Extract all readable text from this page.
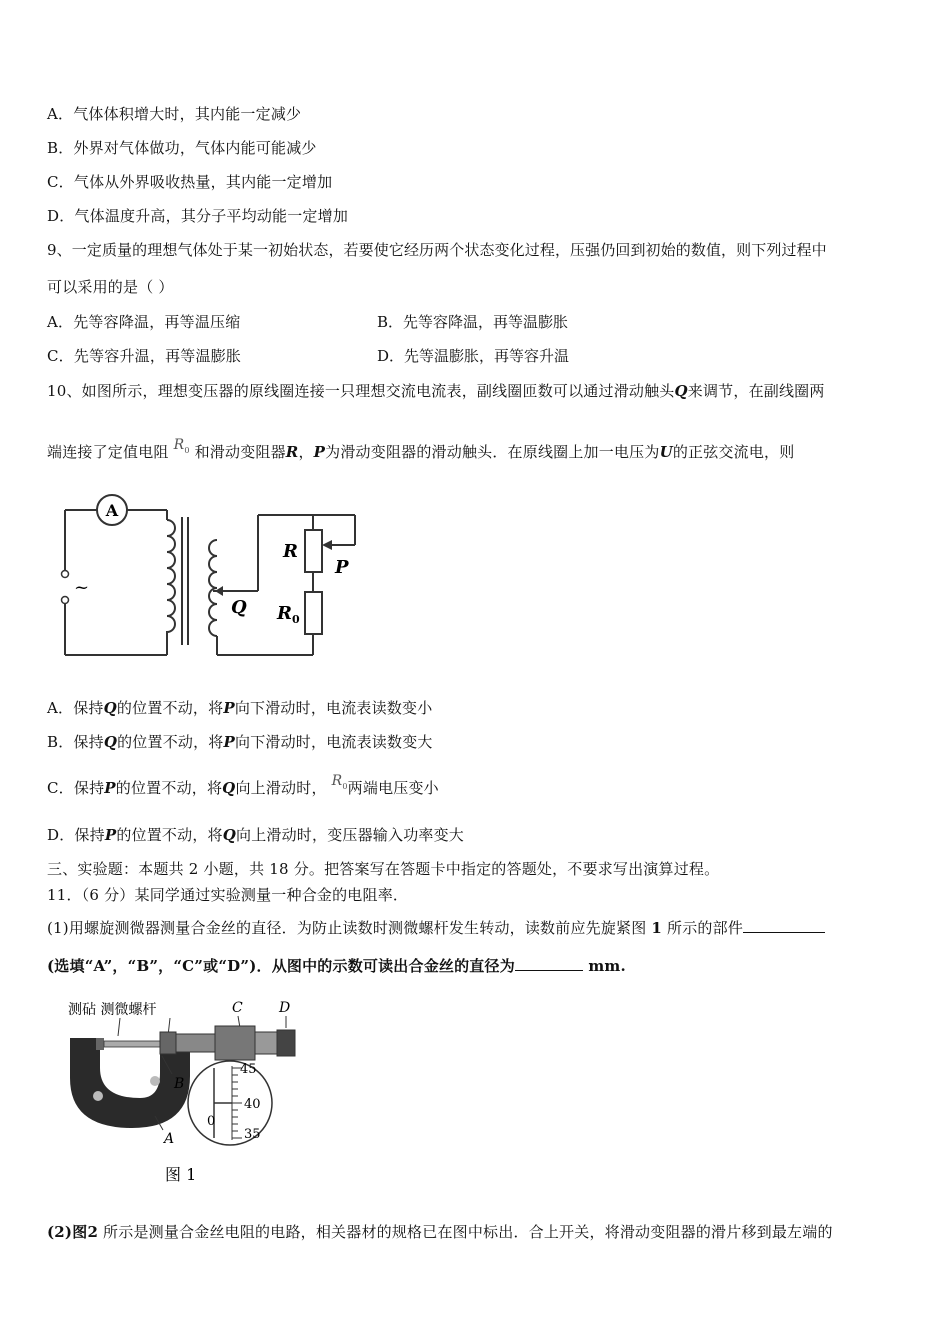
A．气体体积增大时，其内能一定减少
B．外界对气体做功，气体内能可能减少
C．气体从外界吸收热量，其内能一定增加
D．气体温度升高，其分子平均动能一定增加
9、一定质量的理想气体处于某一初始状态，若要使它经历两个状态变化过程，压强仍回到初始的数值，则下列过程中
可以采用的是（ ）
A．先等容降温，再等温压缩	B．先等容降温，再等温膨胀
C．先等容升温，再等温膨胀	D．先等温膨胀，再等容升温
10、如图所示，理想变压器的原线圈连接一只理想交流电流表，副线圈匝数可以通过滑动触头Q来调节，在副线圈两
端连接了定值电阻 $R_0$ 和滑动变阻器R，P为滑动变阻器的滑动触头．在原线圈上加一电压为U的正弦交流电，则
A
~
R
P
Q $R_0$
A．保持Q的位置不动，将P向下滑动时，电流表读数变小
B．保持Q的位置不动，将P向下滑动时，电流表读数变大
C．保持P的位置不动，将Q向上滑动时， $R_0$两端电压变小
D．保持P的位置不动，将Q向上滑动时，变压器输入功率变大
三、实验题：本题共 2 小题，共 18 分。把答案写在答题卡中指定的答题处，不要求写出演算过程。
11．（6 分）某同学通过实验测量一种合金的电阻率．
(1)用螺旋测微器测量合金丝的直径．为防止读数时测微螺杆发生转动，读数前应先旋紧图 1 所示的部件
(选填“A”，“B”，“C”或“D”)．从图中的示数可读出合金丝的直径为	mm.
测砧 测微螺杆	C	D
B
A
45
40
35
0
图 1
(2)图2 所示是测量合金丝电阻的电路，相关器材的规格已在图中标出．合上开关，将滑动变阻器的滑片移到最左端的
